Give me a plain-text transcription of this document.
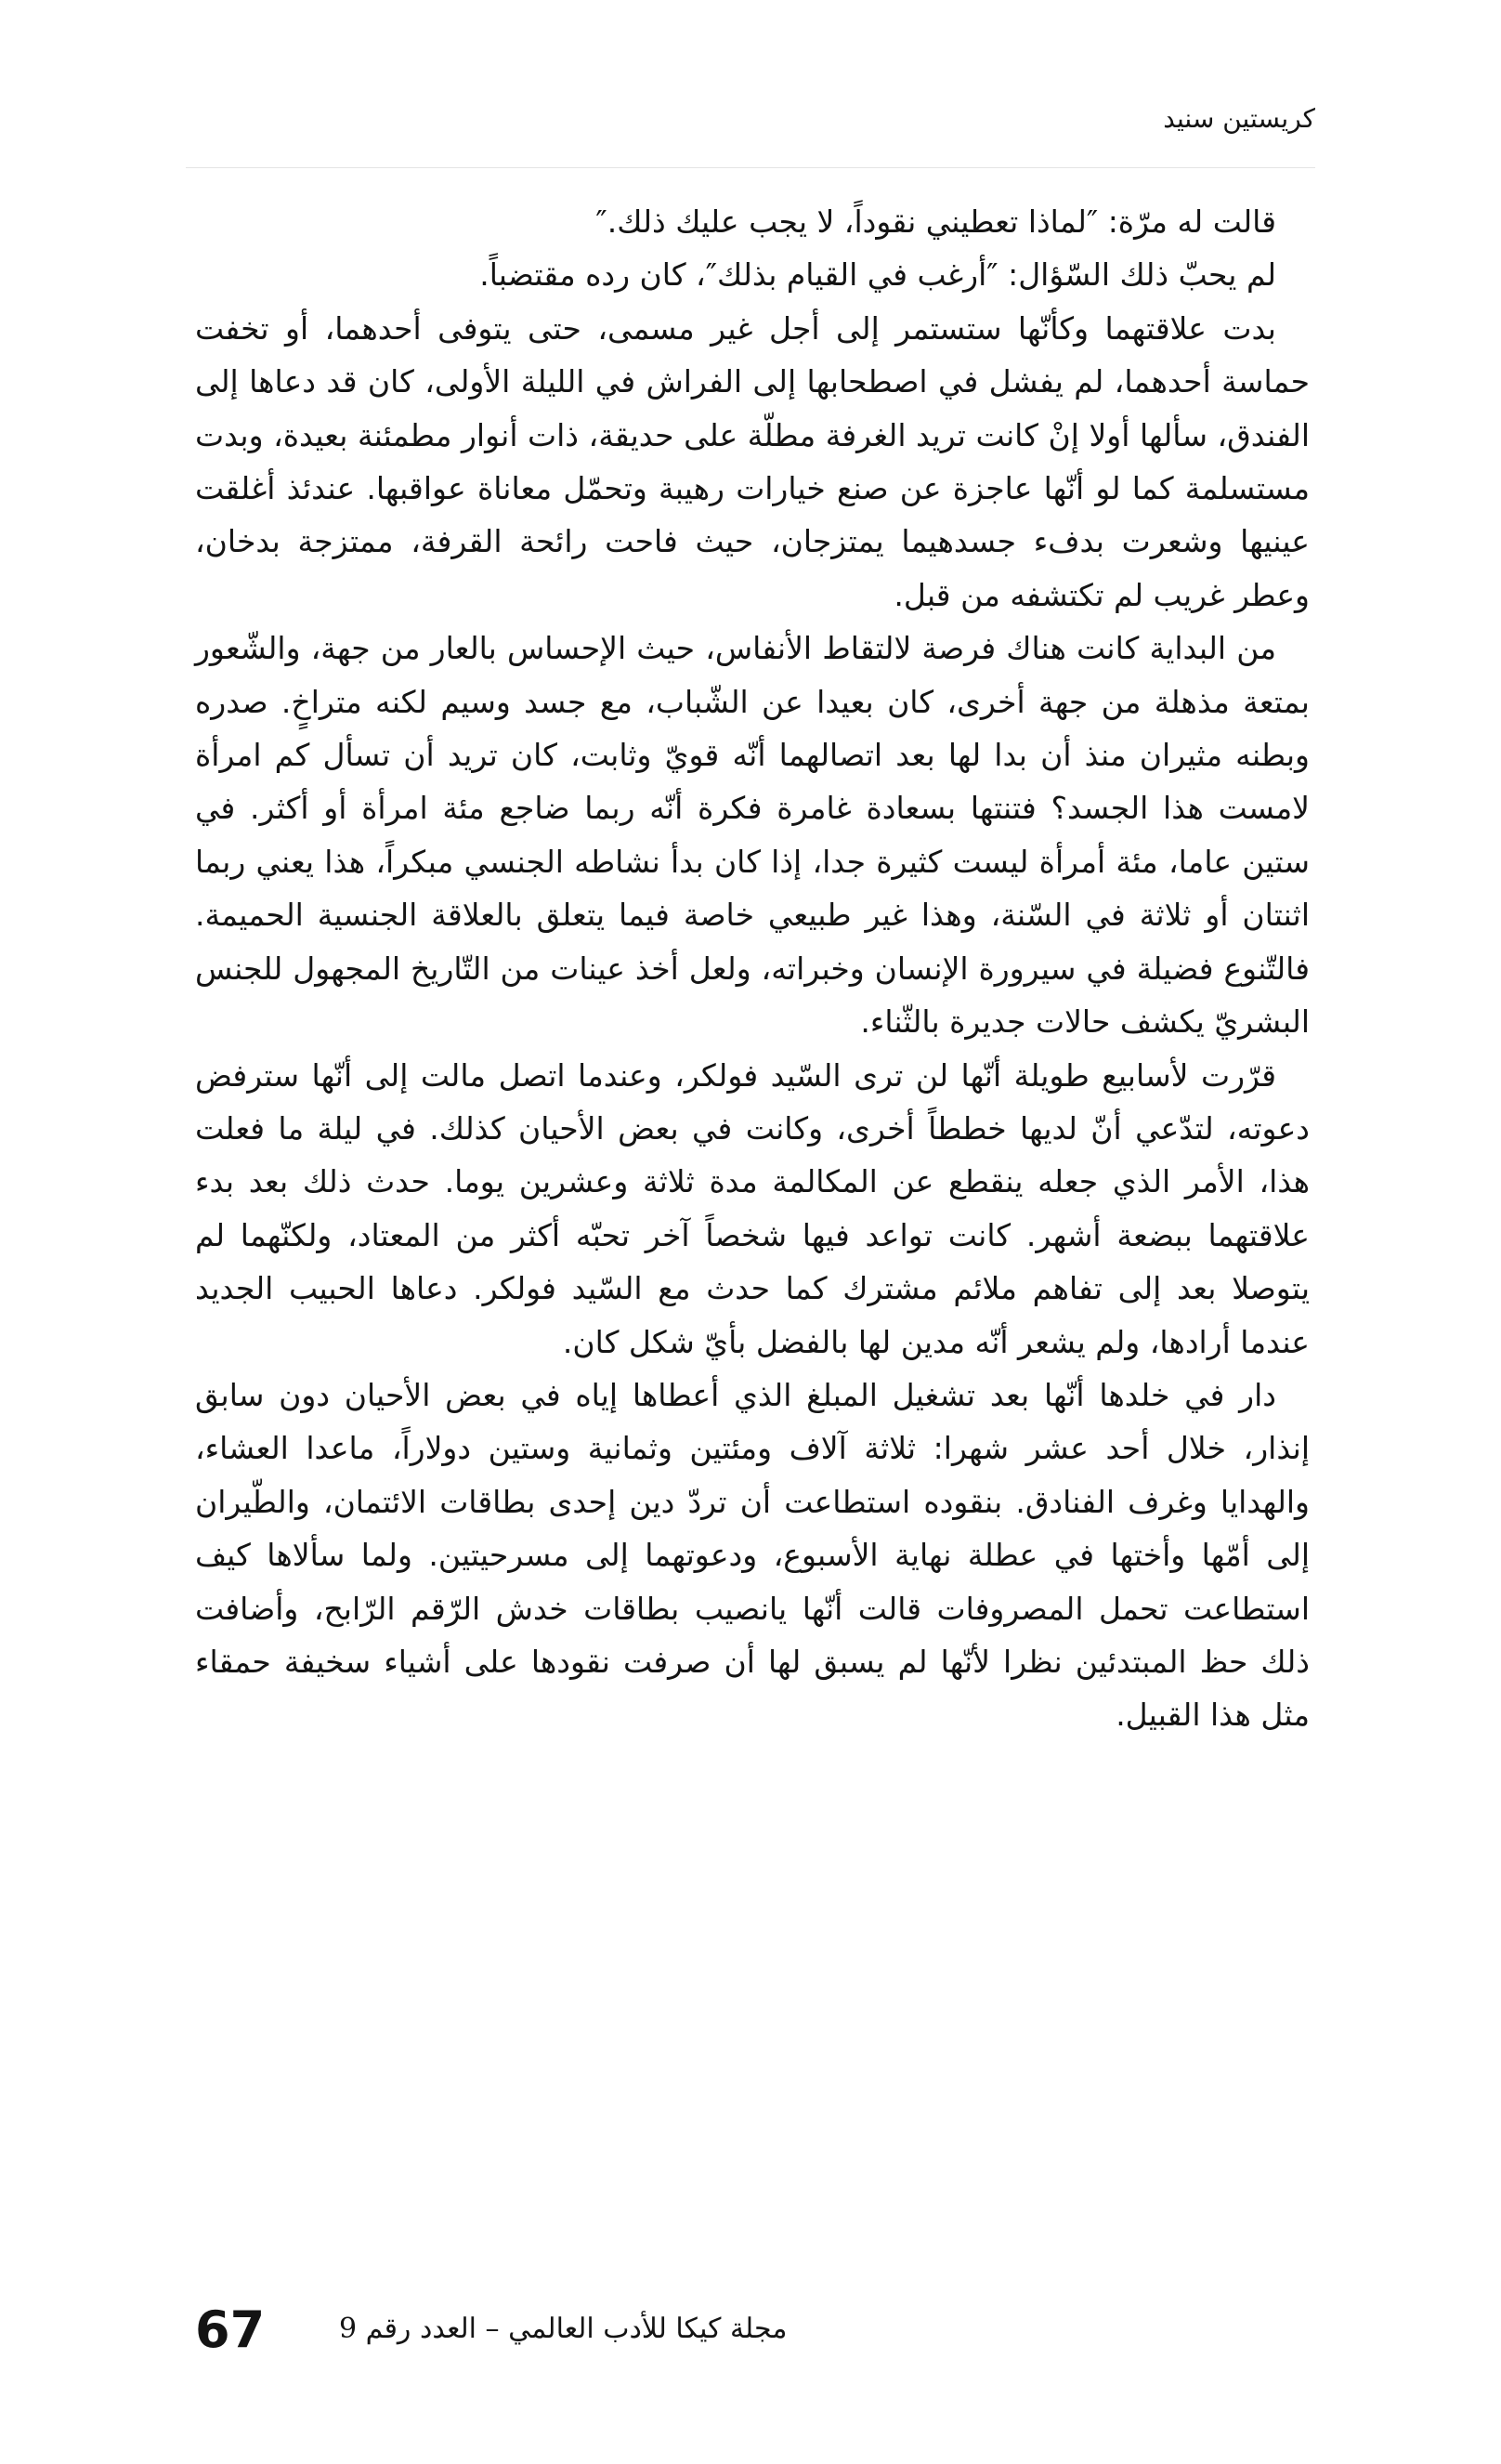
كريستين سنيد

قالت له مرّة: ″لماذا تعطيني نقوداً، لا يجب عليك ذلك.″

لم يحبّ ذلك السّؤال: ″أرغب في القيام بذلك″، كان رده مقتضباً.

بدت علاقتهما وكأنّها ستستمر إلى أجل غير مسمى، حتى يتوفى أحدهما، أو تخفت حماسة أحدهما، لم يفشل في اصطحابها إلى الفراش في الليلة الأولى، كان قد دعاها إلى الفندق، سألها أولا إنْ كانت تريد الغرفة مطلّة على حديقة، ذات أنوار مطمئنة بعيدة، وبدت مستسلمة كما لو أنّها عاجزة عن صنع خيارات رهيبة وتحمّل معاناة عواقبها. عندئذ أغلقت عينيها وشعرت بدفء جسدهيما يمتزجان، حيث فاحت رائحة القرفة، ممتزجة بدخان، وعطر غريب لم تكتشفه من قبل.

من البداية كانت هناك فرصة لالتقاط الأنفاس، حيث الإحساس بالعار من جهة، والشّعور بمتعة مذهلة من جهة أخرى، كان بعيدا عن الشّباب، مع جسد وسيم لكنه متراخٍ. صدره وبطنه مثيران منذ أن بدا لها بعد اتصالهما أنّه قويّ وثابت، كان تريد أن تسأل كم امرأة لامست هذا الجسد؟ فتنتها بسعادة غامرة فكرة أنّه ربما ضاجع مئة امرأة أو أكثر. في ستين عاما، مئة أمرأة ليست كثيرة جدا، إذا كان بدأ نشاطه الجنسي مبكراً، هذا يعني ربما اثنتان أو ثلاثة في السّنة، وهذا غير طبيعي خاصة فيما يتعلق بالعلاقة الجنسية الحميمة. فالتّنوع فضيلة في سيرورة الإنسان وخبراته، ولعل أخذ عينات من التّاريخ المجهول للجنس البشريّ يكشف حالات جديرة بالثّناء.

قرّرت لأسابيع طويلة أنّها لن ترى السّيد فولكر، وعندما اتصل مالت إلى أنّها سترفض دعوته، لتدّعي أنّ لديها خططاً أخرى، وكانت في بعض الأحيان كذلك. في ليلة ما فعلت هذا، الأمر الذي جعله ينقطع عن المكالمة مدة ثلاثة وعشرين يوما. حدث ذلك بعد بدء علاقتهما ببضعة أشهر. كانت تواعد فيها شخصاً آخر تحبّه أكثر من المعتاد، ولكنّهما لم يتوصلا بعد إلى تفاهم ملائم مشترك كما حدث مع السّيد فولكر. دعاها الحبيب الجديد عندما أرادها، ولم يشعر أنّه مدين لها بالفضل بأيّ شكل كان.

دار في خلدها أنّها بعد تشغيل المبلغ الذي أعطاها إياه في بعض الأحيان دون سابق إنذار، خلال أحد عشر شهرا: ثلاثة آلاف ومئتين وثمانية وستين دولاراً، ماعدا العشاء، والهدايا وغرف الفنادق. بنقوده استطاعت أن تردّ دين إحدى بطاقات الائتمان، والطّيران إلى أمّها وأختها في عطلة نهاية الأسبوع، ودعوتهما إلى مسرحيتين. ولما سألاها كيف استطاعت تحمل المصروفات قالت أنّها يانصيب بطاقات خدش الرّقم الرّابح، وأضافت ذلك حظ المبتدئين نظرا لأنّها لم يسبق لها أن صرفت نقودها على أشياء سخيفة حمقاء مثل هذا القبيل.

67	مجلة كيكا للأدب العالمي – العدد رقم 9
